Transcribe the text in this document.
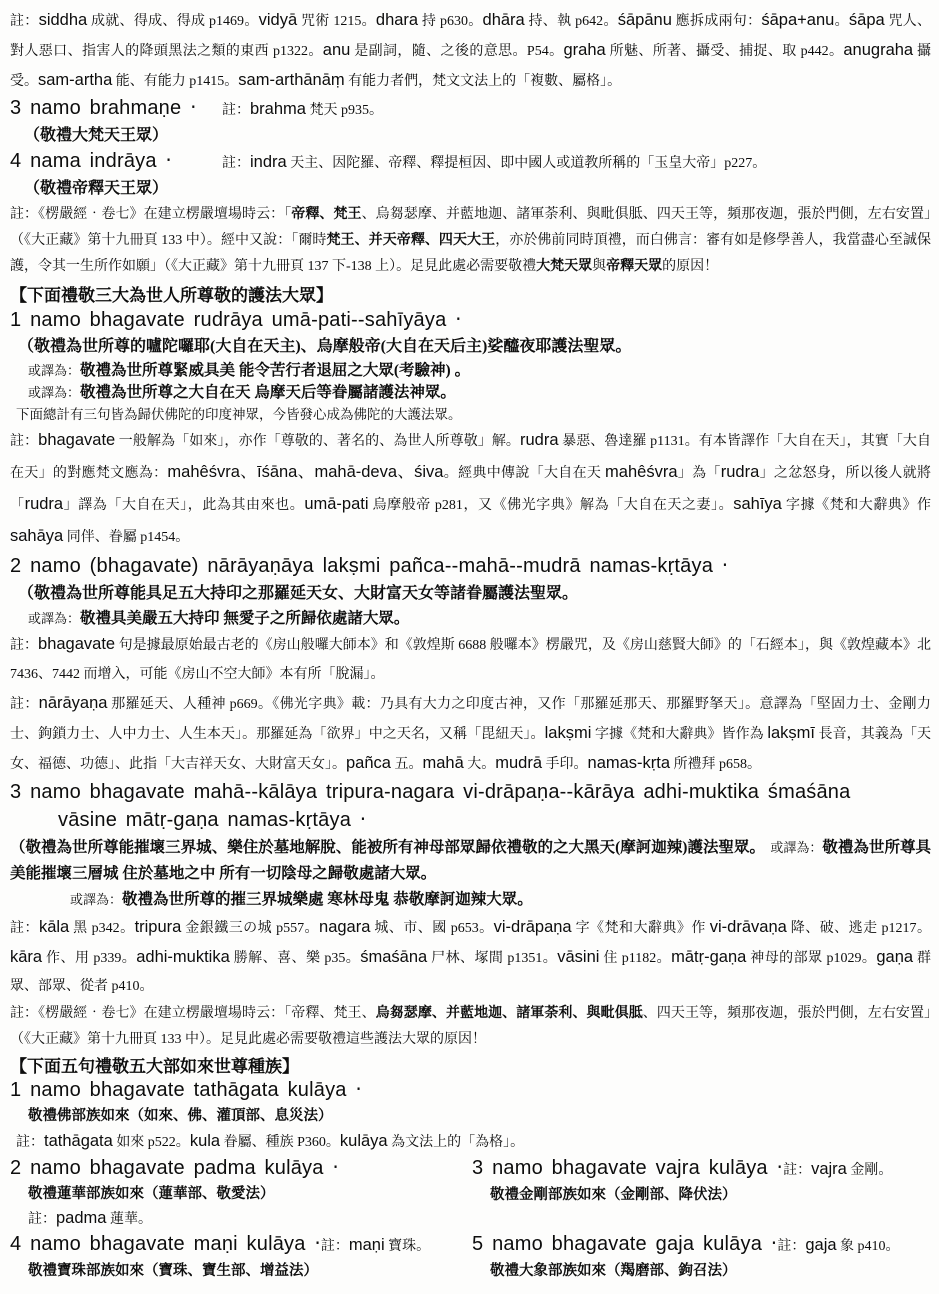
註：siddha 成就、得成、得成 p1469。vidyā 咒術 1215。dhara 持 p630。dhāra 持、執 p642。śāpānu 應拆成兩句：śāpa+anu。śāpa 咒人、對人惡口、指害人的降頭黑法之類的東西 p1322。anu 是副詞，隨、之後的意思。P54。graha 所魅、所著、攝受、捕捉、取 p442。anugraha 攝受。sam-artha 能、有能力 p1415。sam-arthānāṃ 有能力者們，梵文文法上的「複數、屬格」。

3 namo brahmaṇe ‧ 註：brahma 梵天 p935。

（敬禮大梵天王眾）

4 nama indrāya ‧	註：indra 天主、因陀羅、帝釋、釋提桓因、即中國人或道教所稱的「玉皇大帝」p227。

（敬禮帝釋天王眾）

註：《楞嚴經‧卷七》在建立楞嚴壇場時云：「帝釋、梵王、烏芻瑟摩、并藍地迦、諸軍荼利、與毗俱胝、四天王等，頻那夜迦，張於門側，左右安置」（《大正藏》第十九冊頁 133 中）。經中又說：「爾時梵王、并天帝釋、四天大王，亦於佛前同時頂禮，而白佛言：審有如是修學善人，我當盡心至誠保護，令其一生所作如願」（《大正藏》第十九冊頁 137 下-138 上）。足見此處必需要敬禮大梵天眾與帝釋天眾的原因！

【下面禮敬三大為世人所尊敬的護法大眾】

1 namo bhagavate rudrāya umā-pati--sahīyāya ‧

（敬禮為世所尊的嚧陀囉耶(大自在天主)、烏摩般帝(大自在天后主)娑醯夜耶護法聖眾。

或譯為：敬禮為世所尊緊威具美 能令苦行者退屈之大眾(考驗神) 。

或譯為：敬禮為世所尊之大自在天 烏摩天后等眷屬諸護法神眾。

下面總計有三句皆為歸伏佛陀的印度神眾，今皆發心成為佛陀的大護法眾。

註：bhagavate 一般解為「如來」，亦作「尊敬的、著名的、為世人所尊敬」解。rudra 暴惡、魯達羅 p1131。有本皆譯作「大自在天」，其實「大自在天」的對應梵文應為：mahêśvra、īśāna、mahā-deva、śiva。經典中傳說「大自在天 mahêśvra」為「rudra」之忿怒身，所以後人就將「rudra」譯為「大自在天」，此為其由來也。umā-pati 烏摩般帝 p281，又《佛光字典》解為「大自在天之妻」。sahīya 字據《梵和大辭典》作 sahāya 同伴、眷屬 p1454。

2 namo (bhagavate) nārāyaṇāya lakṣmi pañca--mahā--mudrā namas-kṛtāya ‧

（敬禮為世所尊能具足五大持印之那羅延天女、大財富天女等諸眷屬護法聖眾。

或譯為：敬禮具美嚴五大持印 無愛子之所歸依處諸大眾。

註：bhagavate 句是據最原始最古老的《房山般囉大師本》和《敦煌斯 6688 般囉本》楞嚴咒，及《房山慈賢大師》的「石經本」，與《敦煌藏本》北 7436、7442 而增入，可能《房山不空大師》本有所「脫漏」。

註：nārāyaṇa 那羅延天、人種神 p669。《佛光字典》載：乃具有大力之印度古神，又作「那羅延那天、那羅野拏天」。意譯為「堅固力士、金剛力士、鉤鎖力士、人中力士、人生本天」。那羅延為「欲界」中之天名，又稱「毘紐天」。lakṣmi 字據《梵和大辭典》皆作為 lakṣmī 長音，其義為「天女、福德、功德」、此指「大吉祥天女、大財富天女」。pañca 五。mahā 大。mudrā 手印。namas-kṛta 所禮拜 p658。

3 namo bhagavate mahā--kālāya tripura-nagara vi-drāpaṇa--kārāya adhi-muktika śmaśāna

vāsine mātṛ-gaṇa namas-kṛtāya ‧

（敬禮為世所尊能摧壞三界城、樂住於墓地解脫、能被所有神母部眾歸依禮敬的之大黑天(摩訶迦辣)護法聖眾。　或譯為：敬禮為世所尊具美能摧壞三層城 住於墓地之中 所有一切陰母之歸敬處諸大眾。

或譯為：敬禮為世所尊的摧三界城樂處 寒林母鬼 恭敬摩訶迦辣大眾。

註：kāla 黑 p342。tripura 金銀鐵三の城 p557。nagara 城、市、國 p653。vi-drāpaṇa 字《梵和大辭典》作 vi-drāvaṇa 降、破、逃走 p1217。kāra 作、用 p339。adhi-muktika 勝解、喜、樂 p35。śmaśāna 尸林、塚間 p1351。vāsini 住 p1182。mātṛ-gaṇa 神母的部眾 p1029。gaṇa 群眾、部眾、從者 p410。

註：《楞嚴經‧卷七》在建立楞嚴壇場時云：「帝釋、梵王、烏芻瑟摩、并藍地迦、諸軍荼利、與毗俱胝、四天王等，頻那夜迦，張於門側，左右安置」（《大正藏》第十九冊頁 133 中）。足見此處必需要敬禮這些護法大眾的原因！

【下面五句禮敬五大部如來世尊種族】

1 namo bhagavate tathāgata kulāya ‧

敬禮佛部族如來（如來、佛、灌頂部、息災法）

註：tathāgata 如來 p522。kula 眷屬、種族 P360。kulāya 為文法上的「為格」。

2 namo bhagavate padma kulāya ‧

敬禮蓮華部族如來（蓮華部、敬愛法）

註：padma 蓮華。

3 namo bhagavate vajra kulāya ‧註：vajra 金剛。

敬禮金剛部族如來（金剛部、降伏法）

4 namo bhagavate maṇi kulāya ‧註：maṇi 寶珠。

敬禮寶珠部族如來（寶珠、寶生部、增益法）

5 namo bhagavate gaja kulāya ‧註：gaja 象 p410。

敬禮大象部族如來（羯磨部、鉤召法）
